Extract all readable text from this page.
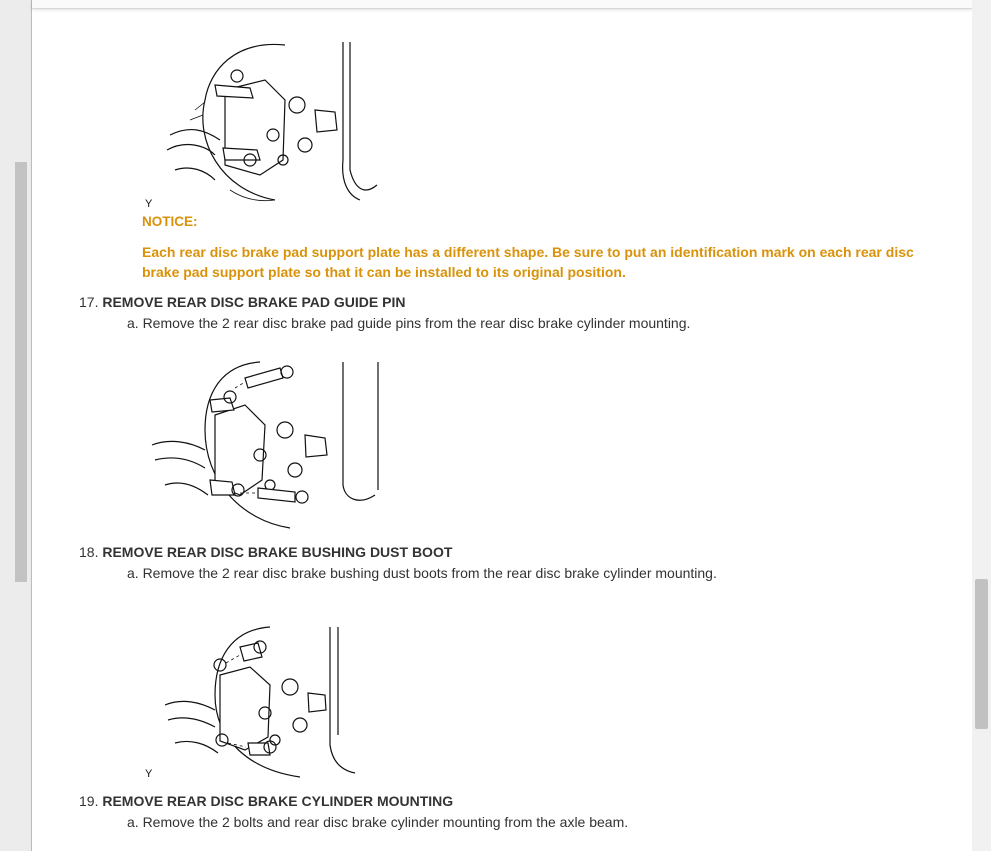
Y
NOTICE:
Each rear disc brake pad support plate has a different shape. Be sure to put an identification mark on each rear disc brake pad support plate so that it can be installed to its original position.
17. REMOVE REAR DISC BRAKE PAD GUIDE PIN
a. Remove the 2 rear disc brake pad guide pins from the rear disc brake cylinder mounting.
18. REMOVE REAR DISC BRAKE BUSHING DUST BOOT
a. Remove the 2 rear disc brake bushing dust boots from the rear disc brake cylinder mounting.
Y
19. REMOVE REAR DISC BRAKE CYLINDER MOUNTING
a. Remove the 2 bolts and rear disc brake cylinder mounting from the axle beam.
